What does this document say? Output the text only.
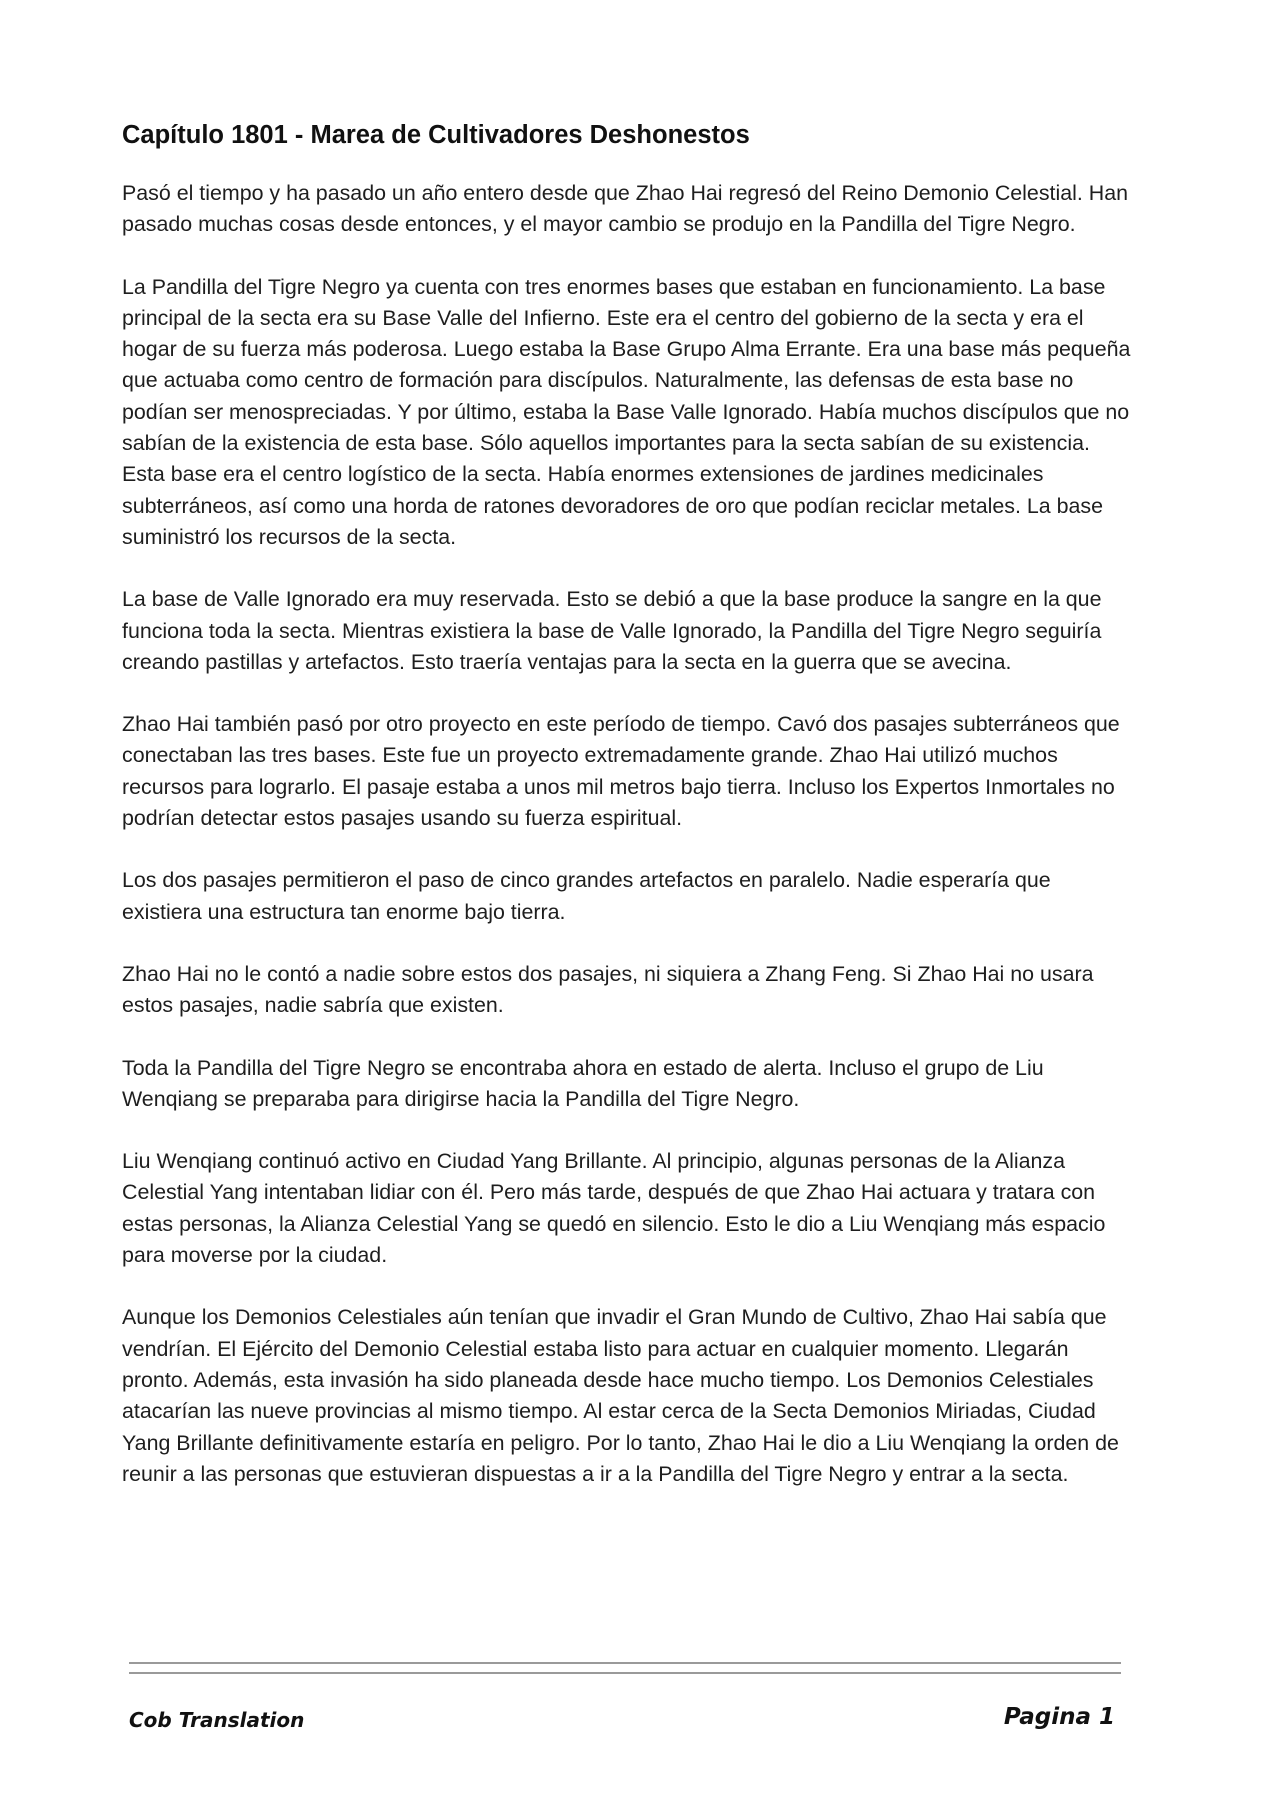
Capítulo 1801 - Marea de Cultivadores Deshonestos

Pasó el tiempo y ha pasado un año entero desde que Zhao Hai regresó del Reino Demonio Celestial. Han pasado muchas cosas desde entonces, y el mayor cambio se produjo en la Pandilla del Tigre Negro.

La Pandilla del Tigre Negro ya cuenta con tres enormes bases que estaban en funcionamiento. La base principal de la secta era su Base Valle del Infierno. Este era el centro del gobierno de la secta y era el hogar de su fuerza más poderosa. Luego estaba la Base Grupo Alma Errante. Era una base más pequeña que actuaba como centro de formación para discípulos. Naturalmente, las defensas de esta base no podían ser menospreciadas. Y por último, estaba la Base Valle Ignorado. Había muchos discípulos que no sabían de la existencia de esta base. Sólo aquellos importantes para la secta sabían de su existencia. Esta base era el centro logístico de la secta. Había enormes extensiones de jardines medicinales subterráneos, así como una horda de ratones devoradores de oro que podían reciclar metales. La base suministró los recursos de la secta.

La base de Valle Ignorado era muy reservada. Esto se debió a que la base produce la sangre en la que funciona toda la secta. Mientras existiera la base de Valle Ignorado, la Pandilla del Tigre Negro seguiría creando pastillas y artefactos. Esto traería ventajas para la secta en la guerra que se avecina.

Zhao Hai también pasó por otro proyecto en este período de tiempo. Cavó dos pasajes subterráneos que conectaban las tres bases. Este fue un proyecto extremadamente grande. Zhao Hai utilizó muchos recursos para lograrlo. El pasaje estaba a unos mil metros bajo tierra. Incluso los Expertos Inmortales no podrían detectar estos pasajes usando su fuerza espiritual.

Los dos pasajes permitieron el paso de cinco grandes artefactos en paralelo. Nadie esperaría que existiera una estructura tan enorme bajo tierra.

Zhao Hai no le contó a nadie sobre estos dos pasajes, ni siquiera a Zhang Feng. Si Zhao Hai no usara estos pasajes, nadie sabría que existen.

Toda la Pandilla del Tigre Negro se encontraba ahora en estado de alerta. Incluso el grupo de Liu Wenqiang se preparaba para dirigirse hacia la Pandilla del Tigre Negro.

Liu Wenqiang continuó activo en Ciudad Yang Brillante. Al principio, algunas personas de la Alianza Celestial Yang intentaban lidiar con él. Pero más tarde, después de que Zhao Hai actuara y tratara con estas personas, la Alianza Celestial Yang se quedó en silencio. Esto le dio a Liu Wenqiang más espacio para moverse por la ciudad.

Aunque los Demonios Celestiales aún tenían que invadir el Gran Mundo de Cultivo, Zhao Hai sabía que vendrían. El Ejército del Demonio Celestial estaba listo para actuar en cualquier momento. Llegarán pronto. Además, esta invasión ha sido planeada desde hace mucho tiempo. Los Demonios Celestiales atacarían las nueve provincias al mismo tiempo. Al estar cerca de la Secta Demonios Miriadas, Ciudad Yang Brillante definitivamente estaría en peligro. Por lo tanto, Zhao Hai le dio a Liu Wenqiang la orden de reunir a las personas que estuvieran dispuestas a ir a la Pandilla del Tigre Negro y entrar a la secta.

Cob Translation	Pagina 1
